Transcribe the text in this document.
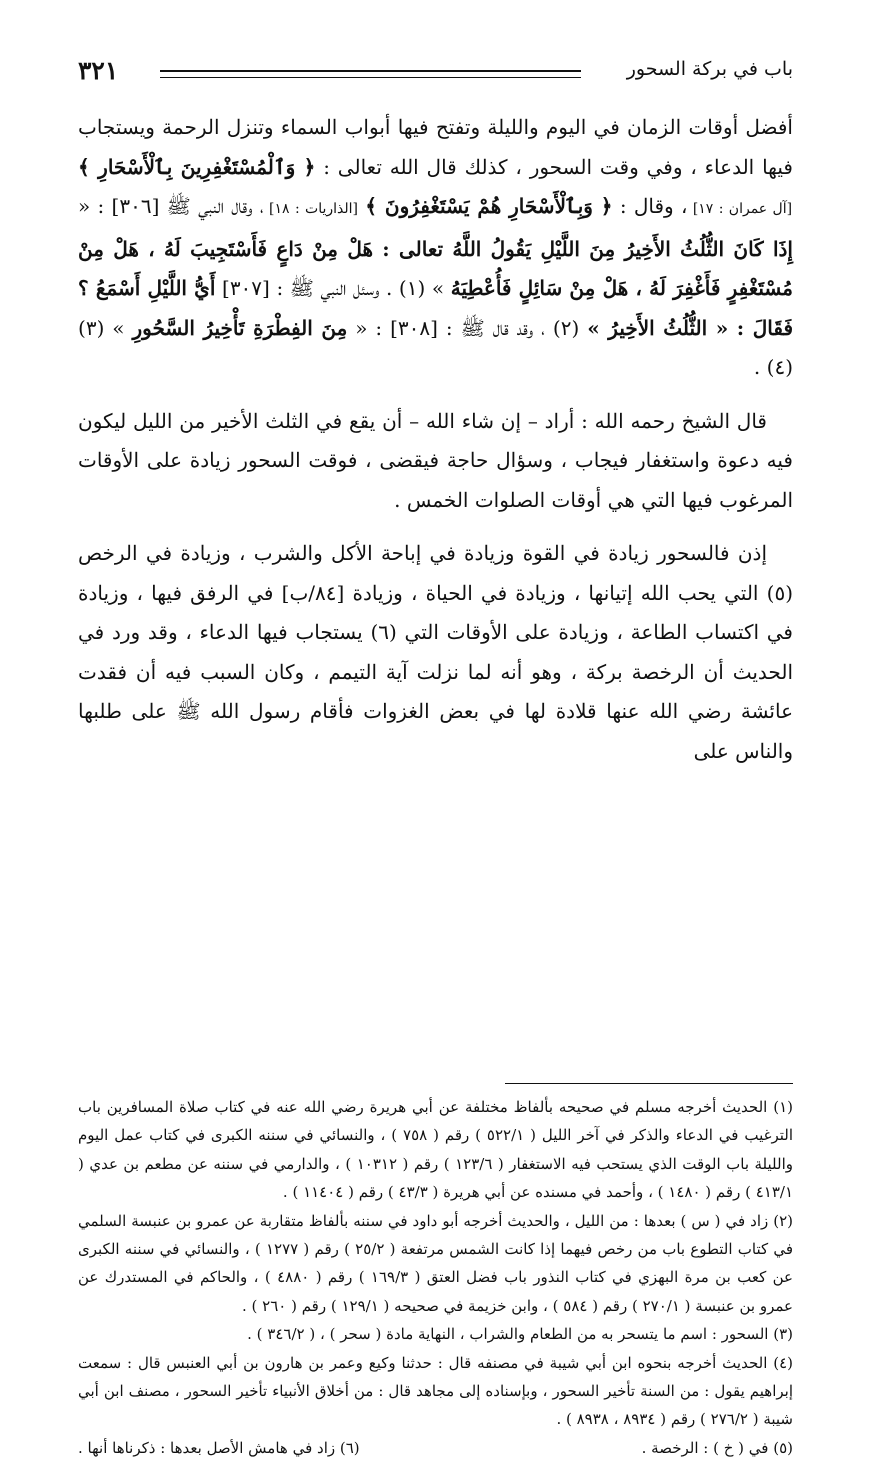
باب في بركة السحور
٣٢١

أفضل أوقات الزمان في اليوم والليلة وتفتح فيها أبواب السماء وتنزل الرحمة ويستجاب فيها الدعاء ، وفي وقت السحور ، كذلك قال الله تعالى : ﴿ وَٱلْمُسْتَغْفِرِينَ بِٱلْأَسْحَارِ ﴾ [آل عمران : ١٧] ، وقال : ﴿ وَبِٱلْأَسْحَارِ هُمْ يَسْتَغْفِرُونَ ﴾ [الذاريات : ١٨] ، وقال النبي ﷺ [٣٠٦] : « إِذَا كَانَ الثُّلُثُ الأَخِيرُ مِنَ اللَّيْلِ يَقُولُ اللَّهُ تعالى : هَلْ مِنْ دَاعٍ فَأَسْتَجِيبَ لَهُ ، هَلْ مِنْ مُسْتَغْفِرٍ فَأَغْفِرَ لَهُ ، هَلْ مِنْ سَائِلٍ فَأُعْطِيَهُ » (١) . وسئل النبي ﷺ : [٣٠٧] أَيُّ اللَّيْلِ أَسْمَعُ ؟ فَقَالَ : « الثُّلُثُ الأَخِيرُ » (٢) ، وقد قال ﷺ : [٣٠٨] : « مِنَ الفِطْرَةِ تَأْخِيرُ السَّحُورِ » (٣) (٤) .

قال الشيخ رحمه الله : أراد – إن شاء الله – أن يقع في الثلث الأخير من الليل ليكون فيه دعوة واستغفار فيجاب ، وسؤال حاجة فيقضى ، فوقت السحور زيادة على الأوقات المرغوب فيها التي هي أوقات الصلوات الخمس .

إذن فالسحور زيادة في القوة وزيادة في إباحة الأكل والشرب ، وزيادة في الرخص (٥) التي يحب الله إتيانها ، وزيادة في الحياة ، وزيادة [٨٤/ب] في الرفق فيها ، وزيادة في اكتساب الطاعة ، وزيادة على الأوقات التي (٦) يستجاب فيها الدعاء ، وقد ورد في الحديث أن الرخصة بركة ، وهو أنه لما نزلت آية التيمم ، وكان السبب فيه أن فقدت عائشة رضي الله عنها قلادة لها في بعض الغزوات فأقام رسول الله ﷺ على طلبها والناس على

(١) الحديث أخرجه مسلم في صحيحه بألفاظ مختلفة عن أبي هريرة رضي الله عنه في كتاب صلاة المسافرين باب الترغيب في الدعاء والذكر في آخر الليل ( ٥٢٢/١ ) رقم ( ٧٥٨ ) ، والنسائي في سننه الكبرى في كتاب عمل اليوم والليلة باب الوقت الذي يستحب فيه الاستغفار ( ١٢٣/٦ ) رقم ( ١٠٣١٢ ) ، والدارمي في سننه عن مطعم بن عدي ( ٤١٣/١ ) رقم ( ١٤٨٠ ) ، وأحمد في مسنده عن أبي هريرة ( ٤٣/٣ ) رقم ( ١١٤٠٤ ) .

(٢) زاد في ( س ) بعدها : من الليل ، والحديث أخرجه أبو داود في سننه بألفاظ متقاربة عن عمرو بن عنبسة السلمي في كتاب التطوع باب من رخص فيهما إذا كانت الشمس مرتفعة ( ٢٥/٢ ) رقم ( ١٢٧٧ ) ، والنسائي في سننه الكبرى عن كعب بن مرة البهزي في كتاب النذور باب فضل العتق ( ١٦٩/٣ ) رقم ( ٤٨٨٠ ) ، والحاكم في المستدرك عن عمرو بن عنبسة ( ٢٧٠/١ ) رقم ( ٥٨٤ ) ، وابن خزيمة في صحيحه ( ١٢٩/١ ) رقم ( ٢٦٠ ) .

(٣) السحور : اسم ما يتسحر به من الطعام والشراب ، النهاية مادة ( سحر ) ، ( ٣٤٦/٢ ) .

(٤) الحديث أخرجه بنحوه ابن أبي شيبة في مصنفه قال : حدثنا وكيع وعمر بن هارون بن أبي العنبس قال : سمعت إبراهيم يقول : من السنة تأخير السحور ، وبإسناده إلى مجاهد قال : من أخلاق الأنبياء تأخير السحور ، مصنف ابن أبي شيبة ( ٢٧٦/٢ ) رقم ( ٨٩٣٤ ، ٨٩٣٨ ) .

(٥) في ( خ ) : الرخصة .
(٦) زاد في هامش الأصل بعدها : ذكرناها أنها .
